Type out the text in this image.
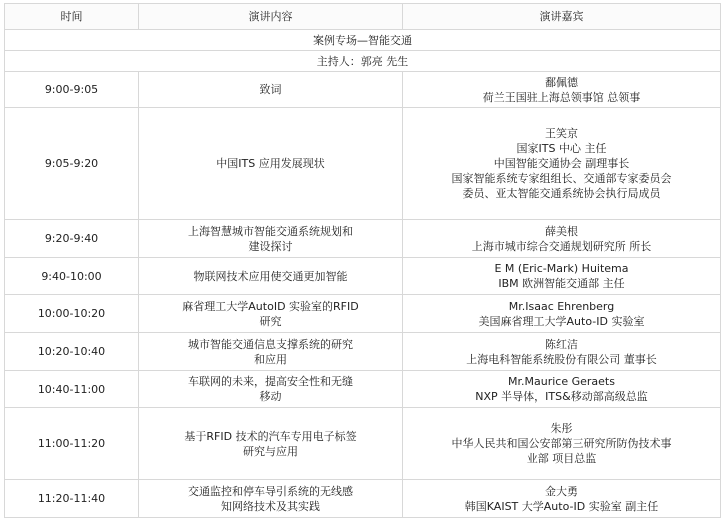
时间	演讲内容	演讲嘉宾
案例专场—智能交通		
主持人：郭亮 先生		
9:00-9:05	致词	鄱佩德
荷兰王国驻上海总领事馆 总领事

9:05-9:20	中国ITS 应用发展现状	王笑京
国家ITS 中心 主任
中国智能交通协会 副理事长
国家智能系统专家组组长、交通部专家委员会
委员、亚太智能交通系统协会执行局成员

9:20-9:40	上海智慧城市智能交通系统规划和
建设探讨	薛美根
上海市城市综合交通规划研究所 所长

9:40-10:00	物联网技术应用使交通更加智能	E M (Eric-Mark) Huitema
IBM 欧洲智能交通部 主任

10:00-10:20	麻省理工大学AutoID 实验室的RFID
研究	Mr.Isaac Ehrenberg
美国麻省理工大学Auto-ID 实验室

10:20-10:40	城市智能交通信息支撑系统的研究
和应用	陈红洁
上海电科智能系统股份有限公司 董事长

10:40-11:00	车联网的未来，提高安全性和无缝
移动	Mr.Maurice Geraets
NXP 半导体，ITS&移动部高级总监

11:00-11:20	基于RFID 技术的汽车专用电子标签
研究与应用	朱彤
中华人民共和国公安部第三研究所防伪技术事
业部 项目总监

11:20-11:40	交通监控和停车导引系统的无线感
知网络技术及其实践	金大勇
韩国KAIST 大学Auto-ID 实验室 副主任
